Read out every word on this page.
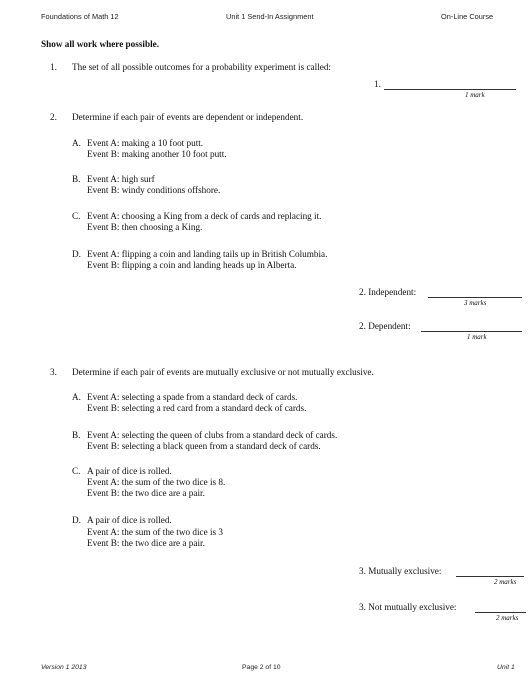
Foundations of Math 12	Unit 1 Send-In Assignment	On-Line Course
Show all work where possible.
1. The set of all possible outcomes for a probability experiment is called:
1.
1 mark
2. Determine if each pair of events are dependent or independent.
A. Event A: making a 10 foot putt.
Event B: making another 10 foot putt.
B. Event A: high surf
Event B: windy conditions offshore.
C. Event A: choosing a King from a deck of cards and replacing it.
Event B: then choosing a King.
D. Event A: flipping a coin and landing tails up in British Columbia.
Event B: flipping a coin and landing heads up in Alberta.
2. Independent:
3 marks
2. Dependent:
1 mark
3. Determine if each pair of events are mutually exclusive or not mutually exclusive.
A. Event A: selecting a spade from a standard deck of cards.
Event B: selecting a red card from a standard deck of cards.
B. Event A: selecting the queen of clubs from a standard deck of cards.
Event B: selecting a black queen from a standard deck of cards.
C. A pair of dice is rolled.
Event A: the sum of the two dice is 8.
Event B: the two dice are a pair.
D. A pair of dice is rolled.
Event A: the sum of the two dice is 3
Event B: the two dice are a pair.
3. Mutually exclusive:
2 marks
3. Not mutually exclusive:
2 marks
Version 1 2013	Page 2 of 10	Unit 1
